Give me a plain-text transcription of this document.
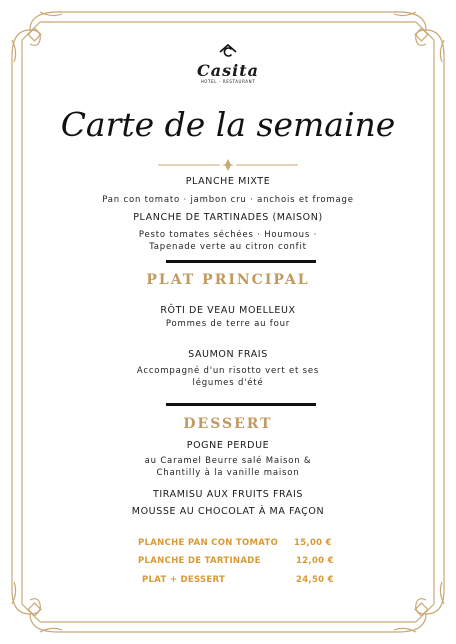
Casita
HOTEL - RESTAURANT
Carte de la semaine
PLANCHE MIXTE
Pan con tomato · jambon cru · anchois et fromage
PLANCHE DE TARTINADES (MAISON)
Pesto tomates séchées · Houmous ·
Tapenade verte au citron confit
PLAT PRINCIPAL
RÔTI DE VEAU MOELLEUX
Pommes de terre au four
SAUMON FRAIS
Accompagné d'un risotto vert et ses
légumes d'été
DESSERT
POGNE PERDUE
au Caramel Beurre salé Maison &
Chantilly à la vanille maison
TIRAMISU AUX FRUITS FRAIS
MOUSSE AU CHOCOLAT À MA FAÇON
PLANCHE PAN CON TOMATO 15,00 €
PLANCHE DE TARTINADE	12,00 €
PLAT + DESSERT	24,50 €
